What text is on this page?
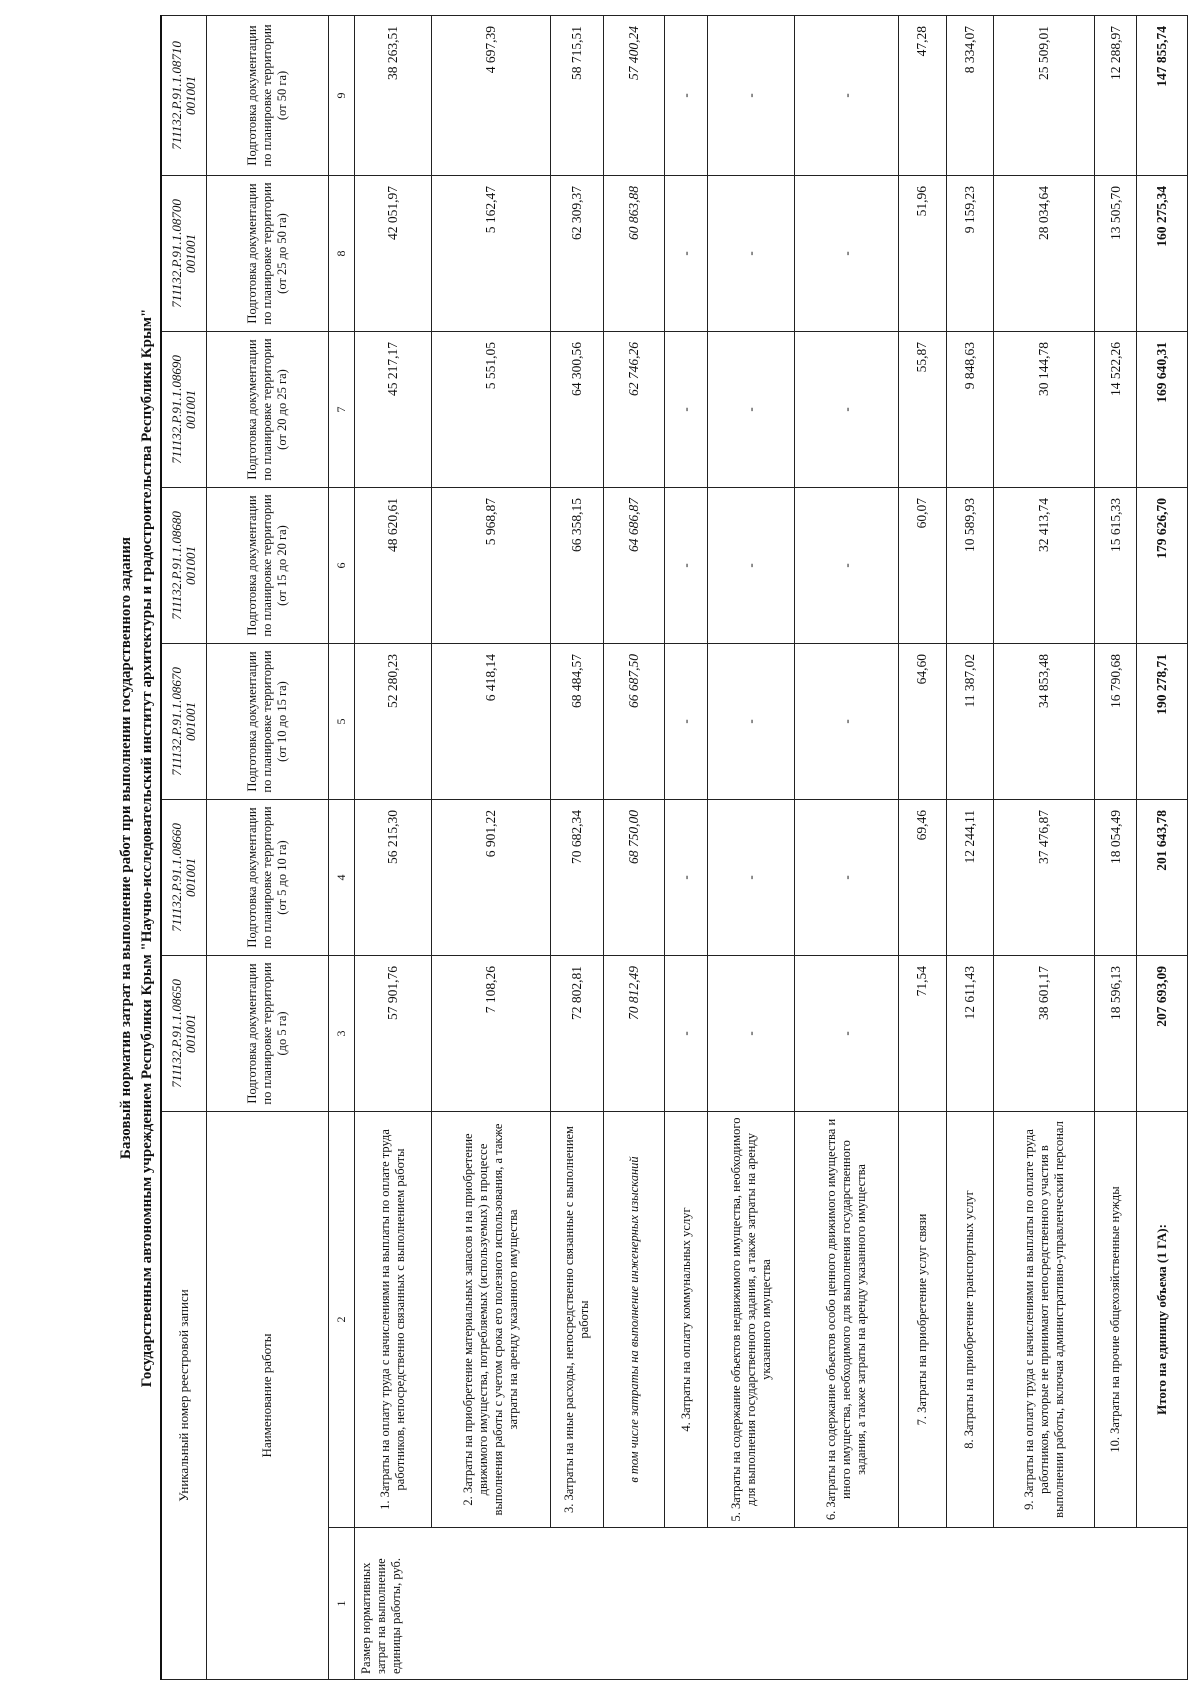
Базовый норматив затрат на выполнение работ при выполнении государственного задания Государственным автономным учреждением Республики Крым "Научно-исследовательский институт архитектуры и градостроительства Республики Крым"
Уникальный номер реестровой записи		711132.Р.91.1.08650 001001	711132.Р.91.1.08660 001001	711132.Р.91.1.08670 001001	711132.Р.91.1.08680 001001	711132.Р.91.1.08690 001001	711132.Р.91.1.08700 001001	711132.Р.91.1.08710 001001
Наименование работы		Подготовка документации по планировке территории (до 5 га)	Подготовка документации по планировке территории (от 5 до 10 га)	Подготовка документации по планировке территории (от 10 до 15 га)	Подготовка документации по планировке территории (от 15 до 20 га)	Подготовка документации по планировке территории (от 20 до 25 га)	Подготовка документации по планировке территории (от 25 до 50 га)	Подготовка документации по планировке территории (от 50 га)
1	2	3	4	5	6	7	8	9
Размер нормативных затрат на выполнение единицы работы, руб.	1. Затраты на оплату труда с начислениями на выплаты по оплате труда работников, непосредственно связанных с выполнением работы	57 901,76	56 215,30	52 280,23	48 620,61	45 217,17	42 051,97	38 263,51
	2. Затраты на приобретение материальных запасов и на приобретение движимого имущества, потребляемых (используемых) в процессе выполнения работы с учетом срока его полезного использования, а также затраты на аренду указанного имущества	7 108,26	6 901,22	6 418,14	5 968,87	5 551,05	5 162,47	4 697,39
	3. Затраты на иные расходы, непосредственно связанные с выполнением работы	72 802,81	70 682,34	68 484,57	66 358,15	64 300,56	62 309,37	58 715,51
	в том числе затраты на выполнение инженерных изысканий	70 812,49	68 750,00	66 687,50	64 686,87	62 746,26	60 863,88	57 400,24
	4. Затраты на оплату коммунальных услуг	-	-	-	-	-	-	-
	5. Затраты на содержание объектов недвижимого имущества, необходимого для выполнения государственного задания, а также затраты на аренду указанного имущества	-	-	-	-	-	-	-
	6. Затраты на содержание объектов особо ценного движимого имущества и иного имущества, необходимого для выполнения государственного задания, а также затраты на аренду указанного имущества	-	-	-	-	-	-	-
	7. Затраты на приобретение услуг связи	71,54	69,46	64,60	60,07	55,87	51,96	47,28
	8. Затраты на приобретение транспортных услуг	12 611,43	12 244,11	11 387,02	10 589,93	9 848,63	9 159,23	8 334,07
	9. Затраты на оплату труда с начислениями на выплаты по оплате труда работников, которые не принимают непосредственного участия в выполнении работы, включая административно-управленческий персонал	38 601,17	37 476,87	34 853,48	32 413,74	30 144,78	28 034,64	25 509,01
	10. Затраты на прочие общехозяйственные нужды	18 596,13	18 054,49	16 790,68	15 615,33	14 522,26	13 505,70	12 288,97
	Итого на единицу объема (1 ГА):	207 693,09	201 643,78	190 278,71	179 626,70	169 640,31	160 275,34	147 855,74
